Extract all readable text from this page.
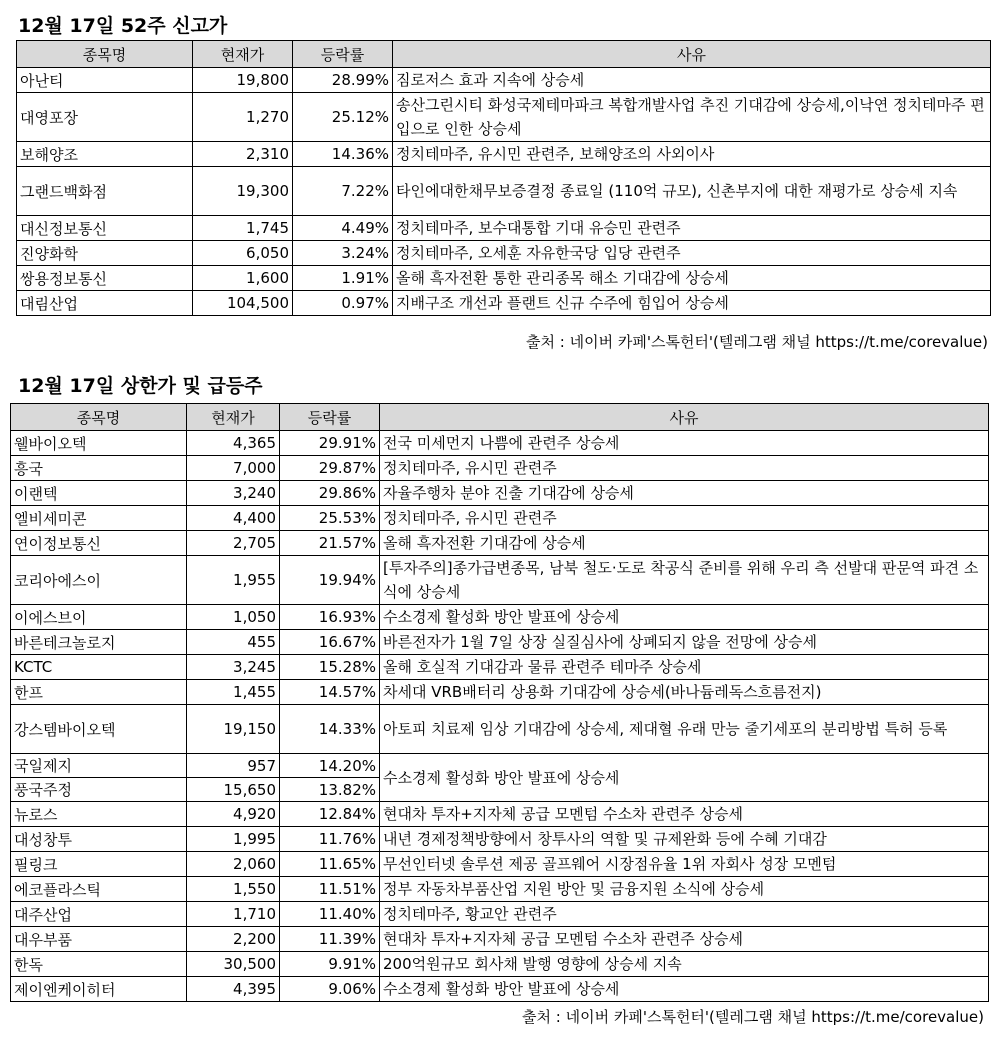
12월 17일 52주 신고가
종목명	현재가	등락률	사유
아난티	19,800	28.99%	짐로저스 효과 지속에 상승세
대영포장	1,270	25.12%	송산그린시티 화성국제테마파크 복합개발사업 추진 기대감에 상승세,이낙연 정치테마주 편입으로 인한 상승세
보해양조	2,310	14.36%	정치테마주, 유시민 관련주, 보해양조의 사외이사
그랜드백화점	19,300	7.22%	타인에대한채무보증결정 종료일 (110억 규모), 신촌부지에 대한 재평가로 상승세 지속
대신정보통신	1,745	4.49%	정치테마주, 보수대통합 기대 유승민 관련주
진양화학	6,050	3.24%	정치테마주, 오세훈 자유한국당 입당 관련주
쌍용정보통신	1,600	1.91%	올해 흑자전환 통한 관리종목 해소 기대감에 상승세
대림산업	104,500	0.97%	지배구조 개선과 플랜트 신규 수주에 힘입어 상승세
출처 : 네이버 카페'스톡헌터'(텔레그램 채널 https://t.me/corevalue)
12월 17일 상한가 및 급등주
종목명	현재가	등락률	사유
웰바이오텍	4,365	29.91%	전국 미세먼지 나쁨에 관련주 상승세
흥국	7,000	29.87%	정치테마주, 유시민 관련주
이랜텍	3,240	29.86%	자율주행차 분야 진출 기대감에 상승세
엘비세미콘	4,400	25.53%	정치테마주, 유시민 관련주
연이정보통신	2,705	21.57%	올해 흑자전환 기대감에 상승세
코리아에스이	1,955	19.94%	[투자주의]종가급변종목, 남북 철도·도로 착공식 준비를 위해 우리 측 선발대 판문역 파견 소식에 상승세
이에스브이	1,050	16.93%	수소경제 활성화 방안 발표에 상승세
바른테크놀로지	455	16.67%	바른전자가 1월 7일 상장 실질심사에 상폐되지 않을 전망에 상승세
KCTC	3,245	15.28%	올해 호실적 기대감과 물류 관련주 테마주 상승세
한프	1,455	14.57%	차세대 VRB배터리 상용화 기대감에 상승세(바나듐레독스흐름전지)
강스템바이오텍	19,150	14.33%	아토피 치료제 임상 기대감에 상승세, 제대혈 유래 만능 줄기세포의 분리방법 특허 등록
국일제지	957	14.20%	수소경제 활성화 방안 발표에 상승세
풍국주정	15,650	13.82%	
뉴로스	4,920	12.84%	현대차 투자+지자체 공급 모멘텀 수소차 관련주 상승세
대성창투	1,995	11.76%	내년 경제정책방향에서 창투사의 역할 및 규제완화 등에 수혜 기대감
필링크	2,060	11.65%	무선인터넷 솔루션 제공 골프웨어 시장점유율 1위 자회사 성장 모멘텀
에코플라스틱	1,550	11.51%	정부 자동차부품산업 지원 방안 및 금융지원 소식에 상승세
대주산업	1,710	11.40%	정치테마주, 황교안 관련주
대우부품	2,200	11.39%	현대차 투자+지자체 공급 모멘텀 수소차 관련주 상승세
한독	30,500	9.91%	200억원규모 회사채 발행 영향에 상승세 지속
제이엔케이히터	4,395	9.06%	수소경제 활성화 방안 발표에 상승세
출처 : 네이버 카페'스톡헌터'(텔레그램 채널 https://t.me/corevalue)
